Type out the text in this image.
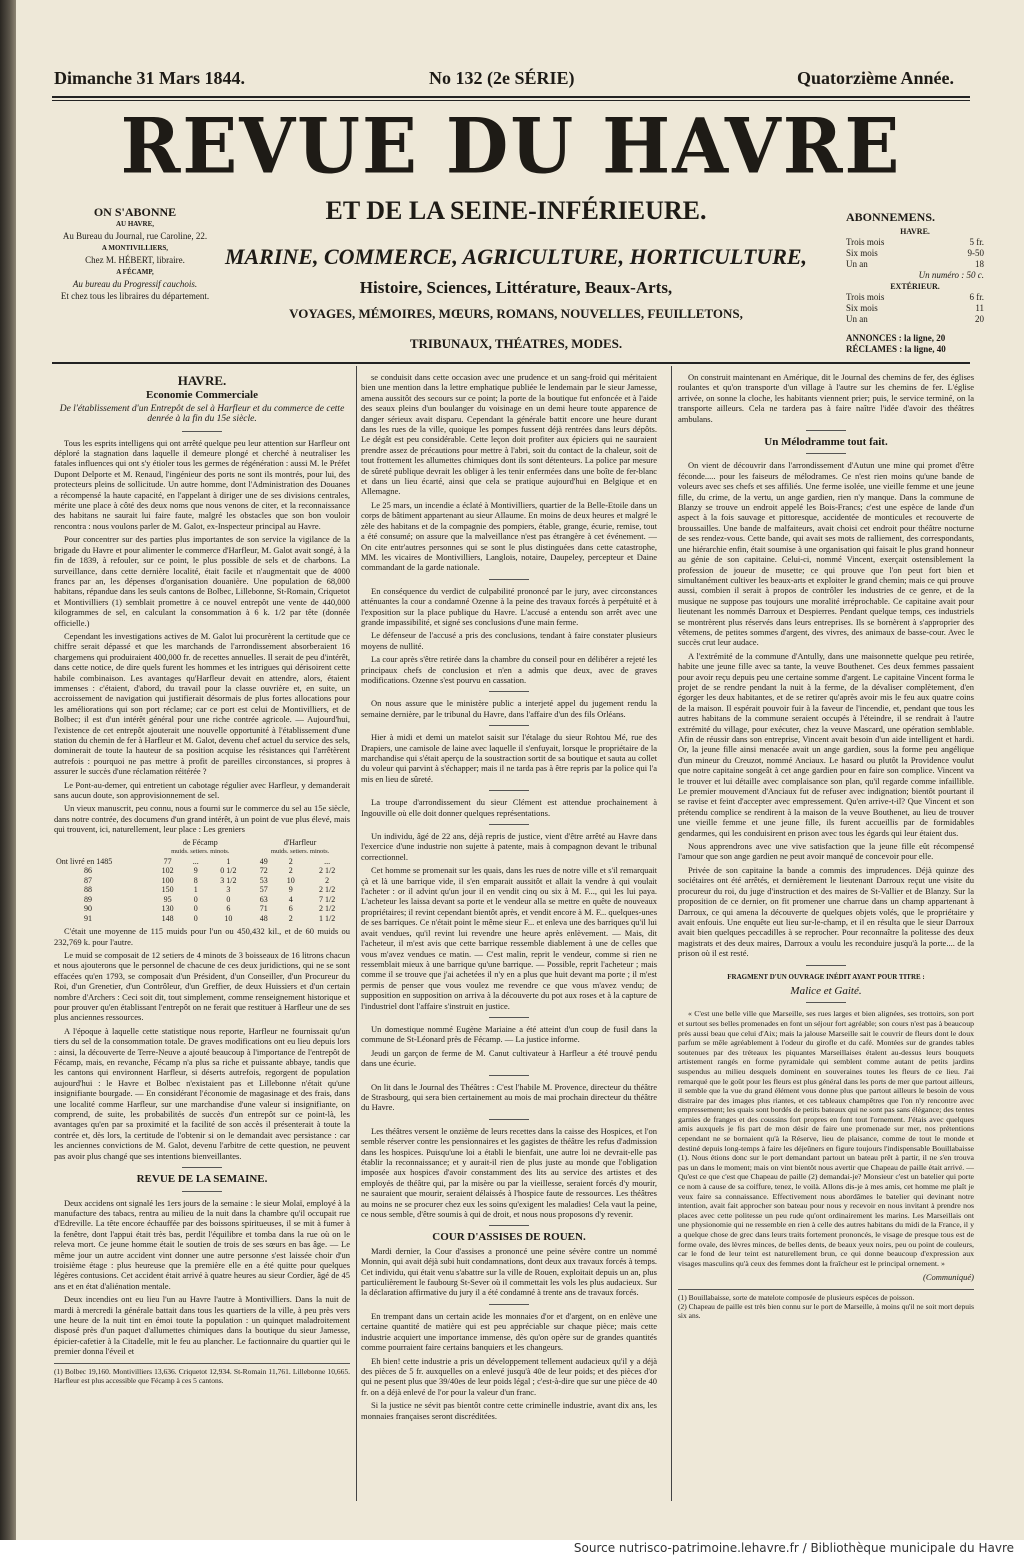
Dimanche 31 Mars 1844.	No 132 (2e SÉRIE)	Quatorzième Année.
REVUE DU HAVRE
ET DE LA SEINE-INFÉRIEURE.
MARINE, COMMERCE, AGRICULTURE, HORTICULTURE,
Histoire, Sciences, Littérature, Beaux-Arts,
VOYAGES, MÉMOIRES, MŒURS, ROMANS, NOUVELLES, FEUILLETONS,
TRIBUNAUX, THÉATRES, MODES.
ON S'ABONNE
AU HAVRE,
Au Bureau du Journal, rue Caroline, 22.
A MONTIVILLIERS,
Chez M. HÉBERT, libraire.
A FÉCAMP,
Au bureau du Progressif cauchois.
Et chez tous les libraires du département.
ABONNEMENS.
HAVRE.
Trois mois	5 fr.
Six mois	9-50
Un an	18
Un numéro : 50 c.
EXTÉRIEUR.
Trois mois	6 fr.
Six mois	11
Un an	20
ANNONCES : la ligne, 20
RÉCLAMES : la ligne, 40
HAVRE.
Economie Commerciale
De l'établissement d'un Entrepôt de sel à Harfleur et du commerce de cette denrée à la fin du 15e siècle.

Tous les esprits intelligens qui ont arrêté quelque peu leur attention sur Harfleur ont déploré la stagnation dans laquelle il demeure plongé et cherché à neutraliser les fatales influences qui ont s'y étioler tous les germes de régénération : aussi M. le Préfet Dupont Delporte et M. Renaud, l'ingénieur des ports ne sont ils montrés, pour lui, des protecteurs pleins de sollicitude. Un autre homme, dont l'Administration des Douanes a récompensé la haute capacité, en l'appelant à diriger une de ses divisions centrales, mérite une place à côté des deux noms que nous venons de citer, et la reconnaissance des habitans ne saurait lui faire faute, malgré les obstacles que son bon vouloir rencontra : nous voulons parler de M. Galot, ex-Inspecteur principal au Havre.

Pour concentrer sur des parties plus importantes de son service la vigilance de la brigade du Havre et pour alimenter le commerce d'Harfleur, M. Galot avait songé, à la fin de 1839, à refouler, sur ce point, le plus possible de sels et de charbons. La surveillance, dans cette dernière localité, était facile et n'augmentait que de 4000 francs par an, les dépenses d'organisation douanière. Une population de 68,000 habitans, répandue dans les seuls cantons de Bolbec, Lillebonne, St-Romain, Criquetot et Montivilliers (1) semblait promettre à ce nouvel entrepôt une vente de 440,000 kilogrammes de sel, en calculant la consommation à 6 k. 1/2 par tête (donnée officielle.)

Cependant les investigations actives de M. Galot lui procurèrent la certitude que ce chiffre serait dépassé et que les marchands de l'arrondissement absorberaient 16 chargemens qui produiraient 400,000 fr. de recettes annuelles. Il serait de peu d'intérêt, dans cette notice, de dire quels furent les hommes et les intrigues qui dérisoirent cette habile combinaison. Les avantages qu'Harfleur devait en attendre, alors, étaient immenses : c'étaient, d'abord, du travail pour la classe ouvrière et, en suite, un accroissement de navigation qui justifierait désormais de plus fortes allocations pour les améliorations qui son port réclame; car ce port est celui de Montivilliers, et de Bolbec; il est d'un intérêt général pour une riche contrée agricole. — Aujourd'hui, l'existence de cet entrepôt ajouterait une nouvelle opportunité à l'établissement d'une station du chemin de fer à Harfleur et M. Galot, devenu chef actuel du service des sels, dominerait de toute la hauteur de sa position acquise les résistances qui l'arrêtèrent autrefois : pourquoi ne pas mettre à profit de pareilles circonstances, si propres à assurer le succès d'une réclamation réitérée ?

Le Pont-au-demer, qui entretient un cabotage régulier avec Harfleur, y demanderait sans aucun doute, son approvisionnement de sel.

Un vieux manuscrit, peu connu, nous a fourni sur le commerce du sel au 15e siècle, dans notre contrée, des documens d'un grand intérêt, à un point de vue plus élevé, mais qui trouvent, ici, naturellement, leur place : Les greniers

	de Fécamp			d'Harfleur		
	muids. setiers. minots.			muids. setiers. minots.		
Ont livré en 1485	77	...	1	49	2	...
86	102	9	0 1/2	72	2	2 1/2
87	100	8	3 1/2	53	10	2
88	150	1	3	57	9	2 1/2
89	95	0	0	63	4	7 1/2
90	130	0	6	71	6	2 1/2
91	148	0	10	48	2	1 1/2

C'était une moyenne de 115 muids pour l'un ou 450,432 kil., et de 60 muids ou 232,769 k. pour l'autre.

Le muid se composait de 12 setiers de 4 minots de 3 boisseaux de 16 litrons chacun et nous ajouterons que le personnel de chacune de ces deux juridictions, qui ne se sont effacées qu'en 1793, se composait d'un Président, d'un Conseiller, d'un Procureur du Roi, d'un Grenetier, d'un Contrôleur, d'un Greffier, de deux Huissiers et d'un certain nombre d'Archers : Ceci soit dit, tout simplement, comme renseignement historique et pour prouver qu'en établissant l'entrepôt on ne ferait que restituer à Harfleur une de ses plus anciennes ressources.

A l'époque à laquelle cette statistique nous reporte, Harfleur ne fournissait qu'un tiers du sel de la consommation totale. De graves modifications ont eu lieu depuis lors : ainsi, la découverte de Terre-Neuve a ajouté beaucoup à l'importance de l'entrepôt de Fécamp, mais, en revanche, Fécamp n'a plus sa riche et puissante abbaye, tandis que les cantons qui environnent Harfleur, si déserts autrefois, regorgent de population aujourd'hui : le Havre et Bolbec n'existaient pas et Lillebonne n'était qu'une insignifiante bourgade. — En considérant l'économie de magasinage et des frais, dans une localité comme Harfleur, sur une marchandise d'une valeur si insignifiante, on comprend, de suite, les probabilités de succès d'un entrepôt sur ce point-là, les avantages qu'en par sa proximité et la facilité de son accès il présenterait à toute la contrée et, dès lors, la certitude de l'obtenir si on le demandait avec persistance : car les anciennes convictions de M. Galot, devenu l'arbitre de cette question, ne peuvent pas avoir plus changé que ses intentions bienveillantes.

REVUE DE LA SEMAINE.

Deux accidens ont signalé les 1ers jours de la semaine : le sieur Molaï, employé à la manufacture des tabacs, rentra au milieu de la nuit dans la chambre qu'il occupait rue d'Edreville. La tête encore échauffée par des boissons spiritueuses, il se mit à fumer à la fenêtre, dont l'appui était très bas, perdit l'équilibre et tomba dans la rue où on le releva mort. Ce jeune homme était le soutien de trois de ses sœurs en bas âge. — Le même jour un autre accident vint donner une autre personne s'est laissée choir d'un troisième étage : plus heureuse que la première elle en a été quitte pour quelques légères contusions. Cet accident était arrivé à quatre heures au sieur Cordier, âgé de 45 ans et en état d'aliénation mentale.

Deux incendies ont eu lieu l'un au Havre l'autre à Montivilliers. Dans la nuit de mardi à mercredi la générale battait dans tous les quartiers de la ville, à peu près vers une heure de la nuit tint en émoi toute la population : un quinquet maladroitement disposé près d'un paquet d'allumettes chimiques dans la boutique du sieur Jamesse, épicier-cafetier à la Citadelle, mit le feu au plancher. Le factionnaire du quartier qui le premier donna l'éveil et

(1) Bolbec 19,160. Montivilliers 13,636. Criquetot 12,934. St-Romain 11,761. Lillebonne 10,665. Harfleur est plus accessible que Fécamp à ces 5 cantons.

se conduisit dans cette occasion avec une prudence et un sang-froid qui méritaient bien une mention dans la lettre emphatique publiée le lendemain par le sieur Jamesse, amena aussitôt des secours sur ce point; la porte de la boutique fut enfoncée et à l'aide des seaux pleins d'un boulanger du voisinage en un demi heure toute apparence de danger sérieux avait disparu. Cependant la générale battit encore une heure durant dans les rues de la ville, quoique les pompes fussent déjà rentrées dans leurs dépôts. Le dégât est peu considérable. Cette leçon doit profiter aux épiciers qui ne sauraient prendre assez de précautions pour mettre à l'abri, soit du contact de la chaleur, soit de tout frottement les allumettes chimiques dont ils sont détenteurs. La police par mesure de sûreté publique devrait les obliger à les tenir enfermées dans une boîte de fer-blanc et dans un lieu écarté, ainsi que cela se pratique aujourd'hui en Belgique et en Allemagne.

Le 25 mars, un incendie a éclaté à Montivilliers, quartier de la Belle-Etoile dans un corps de bâtiment appartenant au sieur Allaume. En moins de deux heures et malgré le zèle des habitans et de la compagnie des pompiers, étable, grange, écurie, remise, tout a été consumé; on assure que la malveillance n'est pas étrangère à cet événement. — On cite entr'autres personnes qui se sont le plus distinguées dans cette catastrophe, MM. les vicaires de Montivilliers, Langlois, notaire, Daupeley, percepteur et Daine commandant de la garde nationale.

En conséquence du verdict de culpabilité prononcé par le jury, avec circonstances atténuantes la cour a condamné Ozenne à la peine des travaux forcés à perpétuité et à l'exposition sur la place publique du Havre. L'accusé a entendu son arrêt avec une grande impassibilité, et signé ses conclusions d'une main ferme.

Le défenseur de l'accusé a pris des conclusions, tendant à faire constater plusieurs moyens de nullité.

La cour après s'être retirée dans la chambre du conseil pour en délibérer a rejeté les principaux chefs de conclusion et n'en a admis que deux, avec de graves modifications. Ozenne s'est pourvu en cassation.

On nous assure que le ministère public a interjeté appel du jugement rendu la semaine dernière, par le tribunal du Havre, dans l'affaire d'un des fils Orléans.

Hier à midi et demi un matelot saisit sur l'étalage du sieur Rohtou Mé, rue des Drapiers, une camisole de laine avec laquelle il s'enfuyait, lorsque le propriétaire de la marchandise qui s'était aperçu de la soustraction sortit de sa boutique et sauta au collet du voleur qui parvint à s'échapper; mais il ne tarda pas à être repris par la police qui l'a mis en lieu de sûreté.

La troupe d'arrondissement du sieur Clément est attendue prochainement à Ingouville où elle doit donner quelques représentations.

Un individu, âgé de 22 ans, déjà repris de justice, vient d'être arrêté au Havre dans l'exercice d'une industrie non sujette à patente, mais à compagnon devant le tribunal correctionnel.

Cet homme se promenait sur les quais, dans les rues de notre ville et s'il remarquait çà et là une barrique vide, il s'en emparait aussitôt et allait la vendre à qui voulait l'acheter : or il advint qu'un jour il en vendit cinq ou six à M. F..., qui les lui paya. L'acheteur les laissa devant sa porte et le vendeur alla se mettre en quête de nouveaux propriétaires; il revint cependant bientôt après, et vendit encore à M. F... quelques-unes de ses barriques. Ce n'était point le même sieur F... et enleva une des barriques qu'il lui avait vendues, qu'il revint lui revendre une heure après enlèvement. — Mais, dit l'acheteur, il m'est avis que cette barrique ressemble diablement à une de celles que vous m'avez vendues ce matin. — C'est malin, reprit le vendeur, comme si rien ne ressemblait mieux à une barrique qu'une barrique. — Possible, reprit l'acheteur ; mais comme il se trouve que j'ai achetées il n'y en a plus que huit devant ma porte ; il m'est permis de penser que vous voulez me revendre ce que vous m'avez vendu; de supposition en supposition on arriva à la découverte du pot aux roses et à la capture de l'industriel dont l'affaire s'instruit en justice.

Un domestique nommé Eugène Mariaine a été atteint d'un coup de fusil dans la commune de St-Léonard près de Fécamp. — La justice informe.

Jeudi un garçon de ferme de M. Canut cultivateur à Harfleur a été trouvé pendu dans une écurie.

On lit dans le Journal des Théâtres : C'est l'habile M. Provence, directeur du théâtre de Strasbourg, qui sera bien certainement au mois de mai prochain directeur du théâtre du Havre.

Les théâtres versent le onzième de leurs recettes dans la caisse des Hospices, et l'on semble réserver contre les pensionnaires et les gagistes de théâtre les refus d'admission dans les hospices. Puisqu'une loi a établi le bienfait, une autre loi ne devrait-elle pas établir la reconnaissance; et y aurait-il rien de plus juste au monde que l'obligation imposée aux hospices d'avoir constamment des lits au service des artistes et des employés de théâtre qui, par la misère ou par la vieillesse, seraient forcés d'y mourir, ne sauraient que mourir, seraient délaissés à l'hospice faute de ressources. Les théâtres au moins ne se procurer chez eux les soins qu'exigent les maladies! Cela vaut la peine, ce nous semble, d'être soumis à qui de droit, et nous nous proposons d'y revenir.

COUR D'ASSISES DE ROUEN.

Mardi dernier, la Cour d'assises a prononcé une peine sévère contre un nommé Monnin, qui avait déjà subi huit condamnations, dont deux aux travaux forcés à temps. Cet individu, qui était venu s'abattre sur la ville de Rouen, exploitait depuis un an, plus particulièrement le faubourg St-Sever où il commettait les vols les plus audacieux. Sur la déclaration affirmative du jury il a été condamné à trente ans de travaux forcés.

En trempant dans un certain acide les monnaies d'or et d'argent, on en enlève une certaine quantité de matière qui est peu appréciable sur chaque pièce; mais cette industrie acquiert une importance immense, dès qu'on opère sur de grandes quantités comme pourraient faire certains banquiers et les changeurs.

Eh bien! cette industrie a pris un développement tellement audacieux qu'il y a déjà des pièces de 5 fr. auxquelles on a enlevé jusqu'à 40e de leur poids; et des pièces d'or qui ne pesent plus que 39/40es de leur poids légal ; c'est-à-dire que sur une pièce de 40 fr. on a déjà enlevé de l'or pour la valeur d'un franc.

Si la justice ne sévit pas bientôt contre cette criminelle industrie, avant dix ans, les monnaies françaises seront discréditées.

On construit maintenant en Amérique, dit le Journal des chemins de fer, des églises roulantes et qu'on transporte d'un village à l'autre sur les chemins de fer. L'église arrivée, on sonne la cloche, les habitants viennent prier; puis, le service terminé, on la transporte ailleurs. Cela ne tardera pas à faire naître l'idée d'avoir des théâtres ambulans.

Un Mélodramme tout fait.

On vient de découvrir dans l'arrondissement d'Autun une mine qui promet d'être féconde..... pour les faiseurs de mélodrames. Ce n'est rien moins qu'une bande de voleurs avec ses chefs et ses affiliés. Une ferme isolée, une vieille femme et une jeune fille, du crime, de la vertu, un ange gardien, rien n'y manque. Dans la commune de Blanzy se trouve un endroit appelé les Bois-Francs; c'est une espèce de lande d'un aspect à la fois sauvage et pittoresque, accidentée de monticules et recouverte de broussailles. Une bande de malfaiteurs, avait choisi cet endroit pour théâtre nocturne de ses rendez-vous. Cette bande, qui avait ses mots de ralliement, des correspondants, une hiérarchie enfin, était soumise à une organisation qui faisait le plus grand honneur au génie de son capitaine. Celui-ci, nommé Vincent, exerçait ostensiblement la profession de joueur de musette; ce qui prouve que l'on peut fort bien et simultanément cultiver les beaux-arts et exploiter le grand chemin; mais ce qui prouve aussi, combien il serait à propos de contrôler les industries de ce genre, et de la musique ne suppose pas toujours une moralité irréprochable. Ce capitaine avait pour lieutenant les nommés Darroux et Despierres. Pendant quelque temps, ces industriels se montrèrent plus réservés dans leurs entreprises. Ils se bornèrent à s'approprier des vêtemens, de petites sommes d'argent, des vivres, des animaux de basse-cour. Avec le succès crut leur audace.

A l'extrémité de la commune d'Antully, dans une maisonnette quelque peu retirée, habite une jeune fille avec sa tante, la veuve Bouthenet. Ces deux femmes passaient pour avoir reçu depuis peu une certaine somme d'argent. Le capitaine Vincent forma le projet de se rendre pendant la nuit à la ferme, de la dévaliser complètement, d'en égorger les deux habitantes, et de se retirer qu'après avoir mis le feu aux quatre coins de la maison. Il espérait pouvoir fuir à la faveur de l'incendie, et, pendant que tous les autres habitans de la commune seraient occupés à l'éteindre, il se rendrait à l'autre extrémité du village, pour exécuter, chez la veuve Mascard, une opération semblable. Afin de réussir dans son entreprise, Vincent avait besoin d'un aide intelligent et hardi. Or, la jeune fille ainsi menacée avait un ange gardien, sous la forme peu angélique d'un mineur du Creuzot, nommé Anciaux. Le hasard ou plutôt la Providence voulut que notre capitaine songeât à cet ange gardien pour en faire son complice. Vincent va le trouver et lui détaille avec complaisance son plan, qu'il regarde comme infaillible. Le premier mouvement d'Anciaux fut de refuser avec indignation; bientôt pourtant il se ravise et feint d'accepter avec empressement. Qu'en arrive-t-il? Que Vincent et son prétendu complice se rendirent à la maison de la veuve Bouthenet, au lieu de trouver une vieille femme et une jeune fille, ils furent accueillis par de formidables gendarmes, qui les conduisirent en prison avec tous les égards qui leur étaient dus.

Nous apprendrons avec une vive satisfaction que la jeune fille eût récompensé l'amour que son ange gardien ne peut avoir manqué de concevoir pour elle.

Privée de son capitaine la bande a commis des imprudences. Déjà quinze des sociétaires ont été arrêtés, et dernièrement le lieutenant Darroux reçut une visite du procureur du roi, du juge d'instruction et des maires de St-Vallier et de Blanzy. Sur la proposition de ce dernier, on fit promener une charrue dans un champ appartenant à Darroux, ce qui amena la découverte de quelques objets volés, que le propriétaire y avait enfouis. Une enquête eut lieu sur-le-champ, et il en résulta que le sieur Darroux avait bien quelques peccadilles à se reprocher. Pour reconnaître la politesse des deux magistrats et des deux maires, Darroux a voulu les reconduire jusqu'à la porte.... de la prison où il est resté.

FRAGMENT D'UN OUVRAGE INÉDIT AYANT POUR TITRE :
Malice et Gaité.

« C'est une belle ville que Marseille, ses rues larges et bien alignées, ses trottoirs, son port et surtout ses belles promenades en font un séjour fort agréable; son cours n'est pas à beaucoup près aussi beau que celui d'Aix; mais la jalouse Marseille sait le couvrir de fleurs dont le doux parfum se mêle agréablement à l'odeur du girofle et du café. Montées sur de grandes tables soutenues par des tréteaux les piquantes Marseillaises étalent au-dessus leurs bouquets artistement rangés en forme pyramidale qui semblent comme autant de petits jardins suspendus au milieu desquels dominent en souveraines toutes les fleurs de ce lieu. J'ai remarqué que le goût pour les fleurs est plus général dans les ports de mer que partout ailleurs, il semble que la vue du grand élément vous donne plus que partout ailleurs le besoin de vous distraire par des images plus riantes, et ces tableaux champêtres que l'on n'y rencontre avec empressement; les quais sont bordés de petits bateaux qui ne sont pas sans élégance; des tentes garnies de franges et des coussins fort propres en font tout l'ornement. J'étais avec quelques amis auxquels je fis part de mon désir de faire une promenade sur mer, nos prétentions cependant ne se bornaient qu'à la Réserve, lieu de plaisance, comme de tout le monde et destiné depuis long-temps à faire les déjeûners en figure toujours l'indispensable Bouillabaisse (1). Nous étions donc sur le port demandant partout un bateau prêt à partir, il ne s'en trouva pas un dans le moment; mais on vint bientôt nous avertir que Chapeau de paille était arrivé. — Qu'est ce que c'est que Chapeau de paille (2) demandai-je? Monsieur c'est un batelier qui porte ce nom à cause de sa coiffure, tenez, le voilà. Allons dis-je à mes amis, cet homme me plaît je veux faire sa connaissance. Effectivement nous abordâmes le batelier qui devinant notre intention, avait fait approcher son bateau pour nous y recevoir en nous invitant à prendre nos places avec cette politesse un peu rude qu'ont ordinairement les marins. Les Marseillais ont une physionomie qui ne ressemble en rien à celle des autres habitans du midi de la France, il y a quelque chose de grec dans leurs traits fortement prononcés, le visage de presque tous est de forme ovale, des lèvres minces, de belles dents, de beaux yeux noirs, peu ou point de couleurs, car le fond de leur teint est naturellement brun, ce qui donne beaucoup d'expression aux visages masculins qu'à ceux des femmes dont la fraîcheur est le principal ornement. »

(Communiqué)
(1) Bouillabaisse, sorte de matelote composée de plusieurs espèces de poisson.
(2) Chapeau de paille est très bien connu sur le port de Marseille, à moins qu'il ne soit mort depuis six ans.
Source nutrisco-patrimoine.lehavre.fr / Bibliothèque municipale du Havre
